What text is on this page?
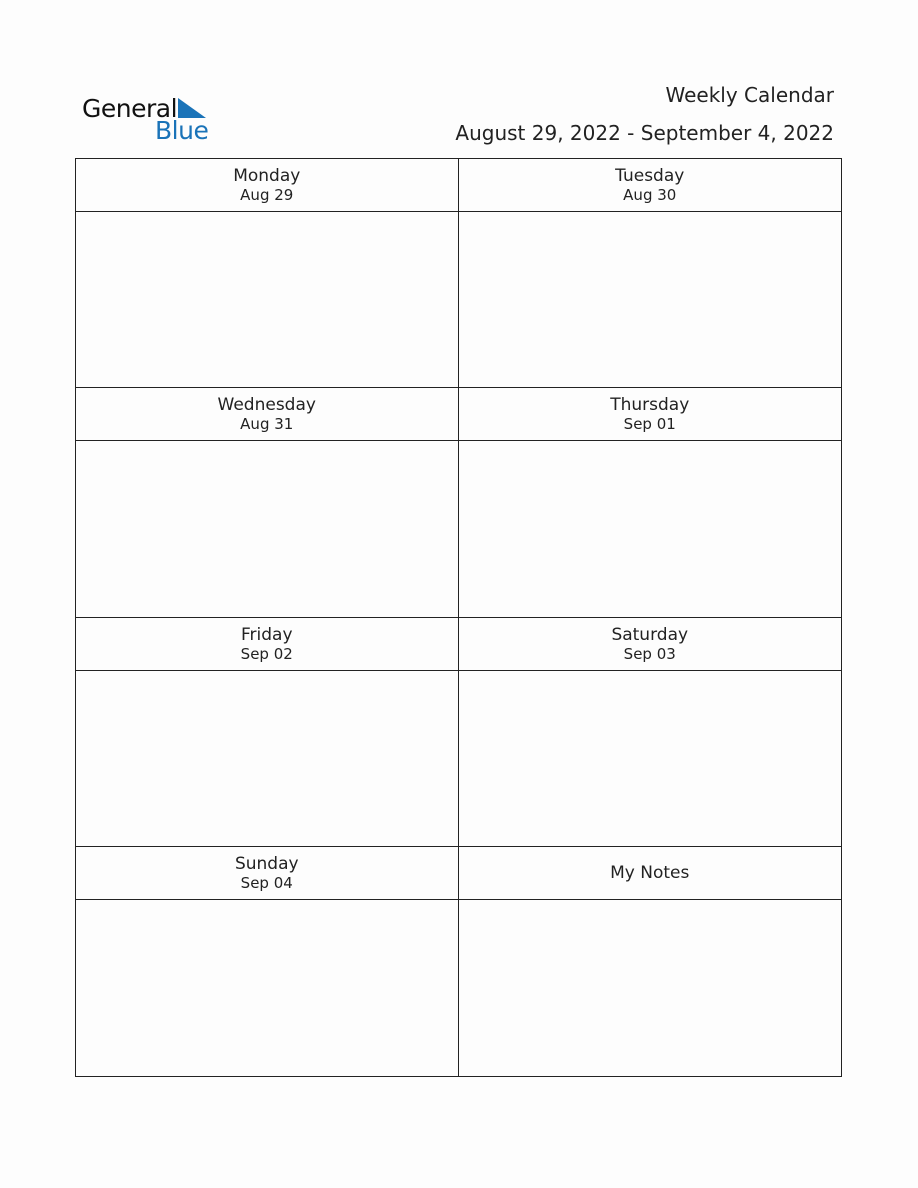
General
Blue
Weekly Calendar
August 29, 2022 - September 4, 2022
Monday
Aug 29
Tuesday
Aug 30
Wednesday
Aug 31
Thursday
Sep 01
Friday
Sep 02
Saturday
Sep 03
Sunday
Sep 04	My Notes
